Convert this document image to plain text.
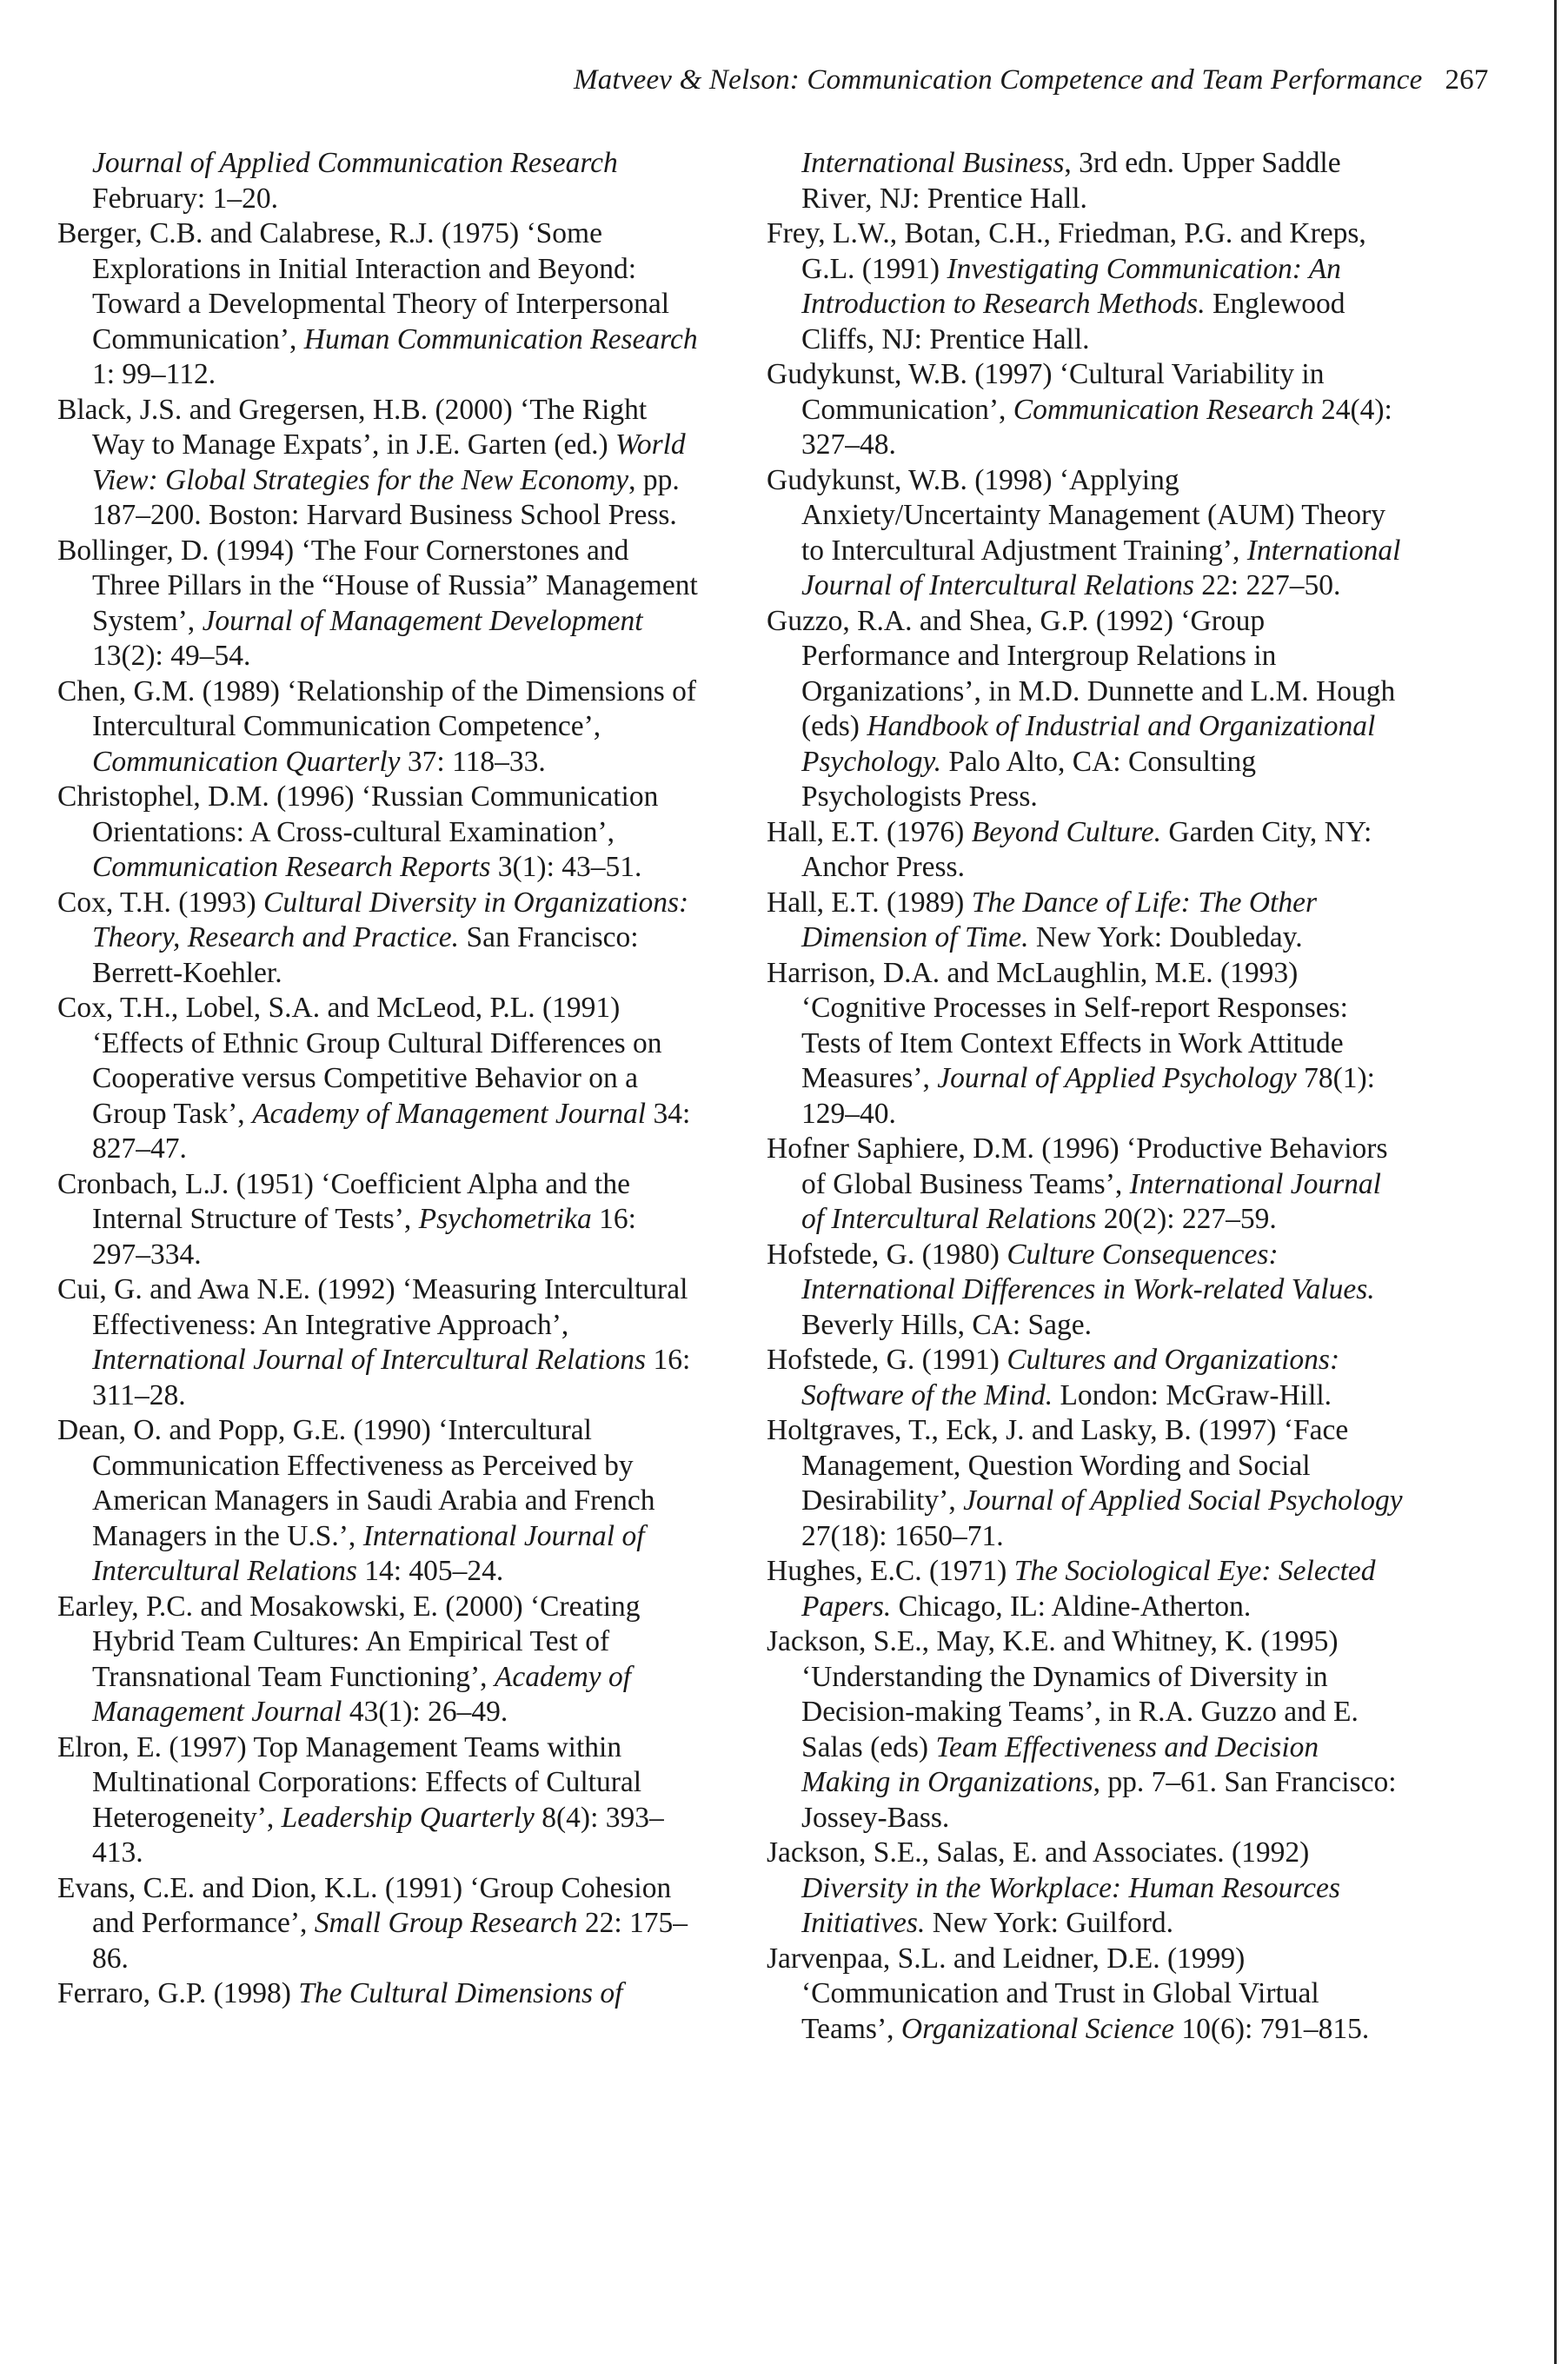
Matveev & Nelson: Communication Competence and Team Performance 267

Journal of Applied Communication Research February: 1–20.

Berger, C.B. and Calabrese, R.J. (1975) ‘Some Explorations in Initial Interaction and Beyond: Toward a Developmental Theory of Interpersonal Communication’, Human Communication Research 1: 99–112.

Black, J.S. and Gregersen, H.B. (2000) ‘The Right Way to Manage Expats’, in J.E. Garten (ed.) World View: Global Strategies for the New Economy, pp. 187–200. Boston: Harvard Business School Press.

Bollinger, D. (1994) ‘The Four Cornerstones and Three Pillars in the “House of Russia” Management System’, Journal of Management Development 13(2): 49–54.

Chen, G.M. (1989) ‘Relationship of the Dimensions of Intercultural Communication Competence’, Communication Quarterly 37: 118–33.

Christophel, D.M. (1996) ‘Russian Communication Orientations: A Cross-cultural Examination’, Communication Research Reports 3(1): 43–51.

Cox, T.H. (1993) Cultural Diversity in Organizations: Theory, Research and Practice. San Francisco: Berrett-Koehler.

Cox, T.H., Lobel, S.A. and McLeod, P.L. (1991) ‘Effects of Ethnic Group Cultural Differences on Cooperative versus Competitive Behavior on a Group Task’, Academy of Management Journal 34: 827–47.

Cronbach, L.J. (1951) ‘Coefficient Alpha and the Internal Structure of Tests’, Psychometrika 16: 297–334.

Cui, G. and Awa N.E. (1992) ‘Measuring Intercultural Effectiveness: An Integrative Approach’, International Journal of Intercultural Relations 16: 311–28.

Dean, O. and Popp, G.E. (1990) ‘Intercultural Communication Effectiveness as Perceived by American Managers in Saudi Arabia and French Managers in the U.S.’, International Journal of Intercultural Relations 14: 405–24.

Earley, P.C. and Mosakowski, E. (2000) ‘Creating Hybrid Team Cultures: An Empirical Test of Transnational Team Functioning’, Academy of Management Journal 43(1): 26–49.

Elron, E. (1997) Top Management Teams within Multinational Corporations: Effects of Cultural Heterogeneity’, Leadership Quarterly 8(4): 393–413.

Evans, C.E. and Dion, K.L. (1991) ‘Group Cohesion and Performance’, Small Group Research 22: 175–86.

Ferraro, G.P. (1998) The Cultural Dimensions of

International Business, 3rd edn. Upper Saddle River, NJ: Prentice Hall.

Frey, L.W., Botan, C.H., Friedman, P.G. and Kreps, G.L. (1991) Investigating Communication: An Introduction to Research Methods. Englewood Cliffs, NJ: Prentice Hall.

Gudykunst, W.B. (1997) ‘Cultural Variability in Communication’, Communication Research 24(4): 327–48.

Gudykunst, W.B. (1998) ‘Applying Anxiety/Uncertainty Management (AUM) Theory to Intercultural Adjustment Training’, International Journal of Intercultural Relations 22: 227–50.

Guzzo, R.A. and Shea, G.P. (1992) ‘Group Performance and Intergroup Relations in Organizations’, in M.D. Dunnette and L.M. Hough (eds) Handbook of Industrial and Organizational Psychology. Palo Alto, CA: Consulting Psychologists Press.

Hall, E.T. (1976) Beyond Culture. Garden City, NY: Anchor Press.

Hall, E.T. (1989) The Dance of Life: The Other Dimension of Time. New York: Doubleday.

Harrison, D.A. and McLaughlin, M.E. (1993) ‘Cognitive Processes in Self-report Responses: Tests of Item Context Effects in Work Attitude Measures’, Journal of Applied Psychology 78(1): 129–40.

Hofner Saphiere, D.M. (1996) ‘Productive Behaviors of Global Business Teams’, International Journal of Intercultural Relations 20(2): 227–59.

Hofstede, G. (1980) Culture Consequences: International Differences in Work-related Values. Beverly Hills, CA: Sage.

Hofstede, G. (1991) Cultures and Organizations: Software of the Mind. London: McGraw-Hill.

Holtgraves, T., Eck, J. and Lasky, B. (1997) ‘Face Management, Question Wording and Social Desirability’, Journal of Applied Social Psychology 27(18): 1650–71.

Hughes, E.C. (1971) The Sociological Eye: Selected Papers. Chicago, IL: Aldine-Atherton.

Jackson, S.E., May, K.E. and Whitney, K. (1995) ‘Understanding the Dynamics of Diversity in Decision-making Teams’, in R.A. Guzzo and E. Salas (eds) Team Effectiveness and Decision Making in Organizations, pp. 7–61. San Francisco: Jossey-Bass.

Jackson, S.E., Salas, E. and Associates. (1992) Diversity in the Workplace: Human Resources Initiatives. New York: Guilford.

Jarvenpaa, S.L. and Leidner, D.E. (1999) ‘Communication and Trust in Global Virtual Teams’, Organizational Science 10(6): 791–815.
